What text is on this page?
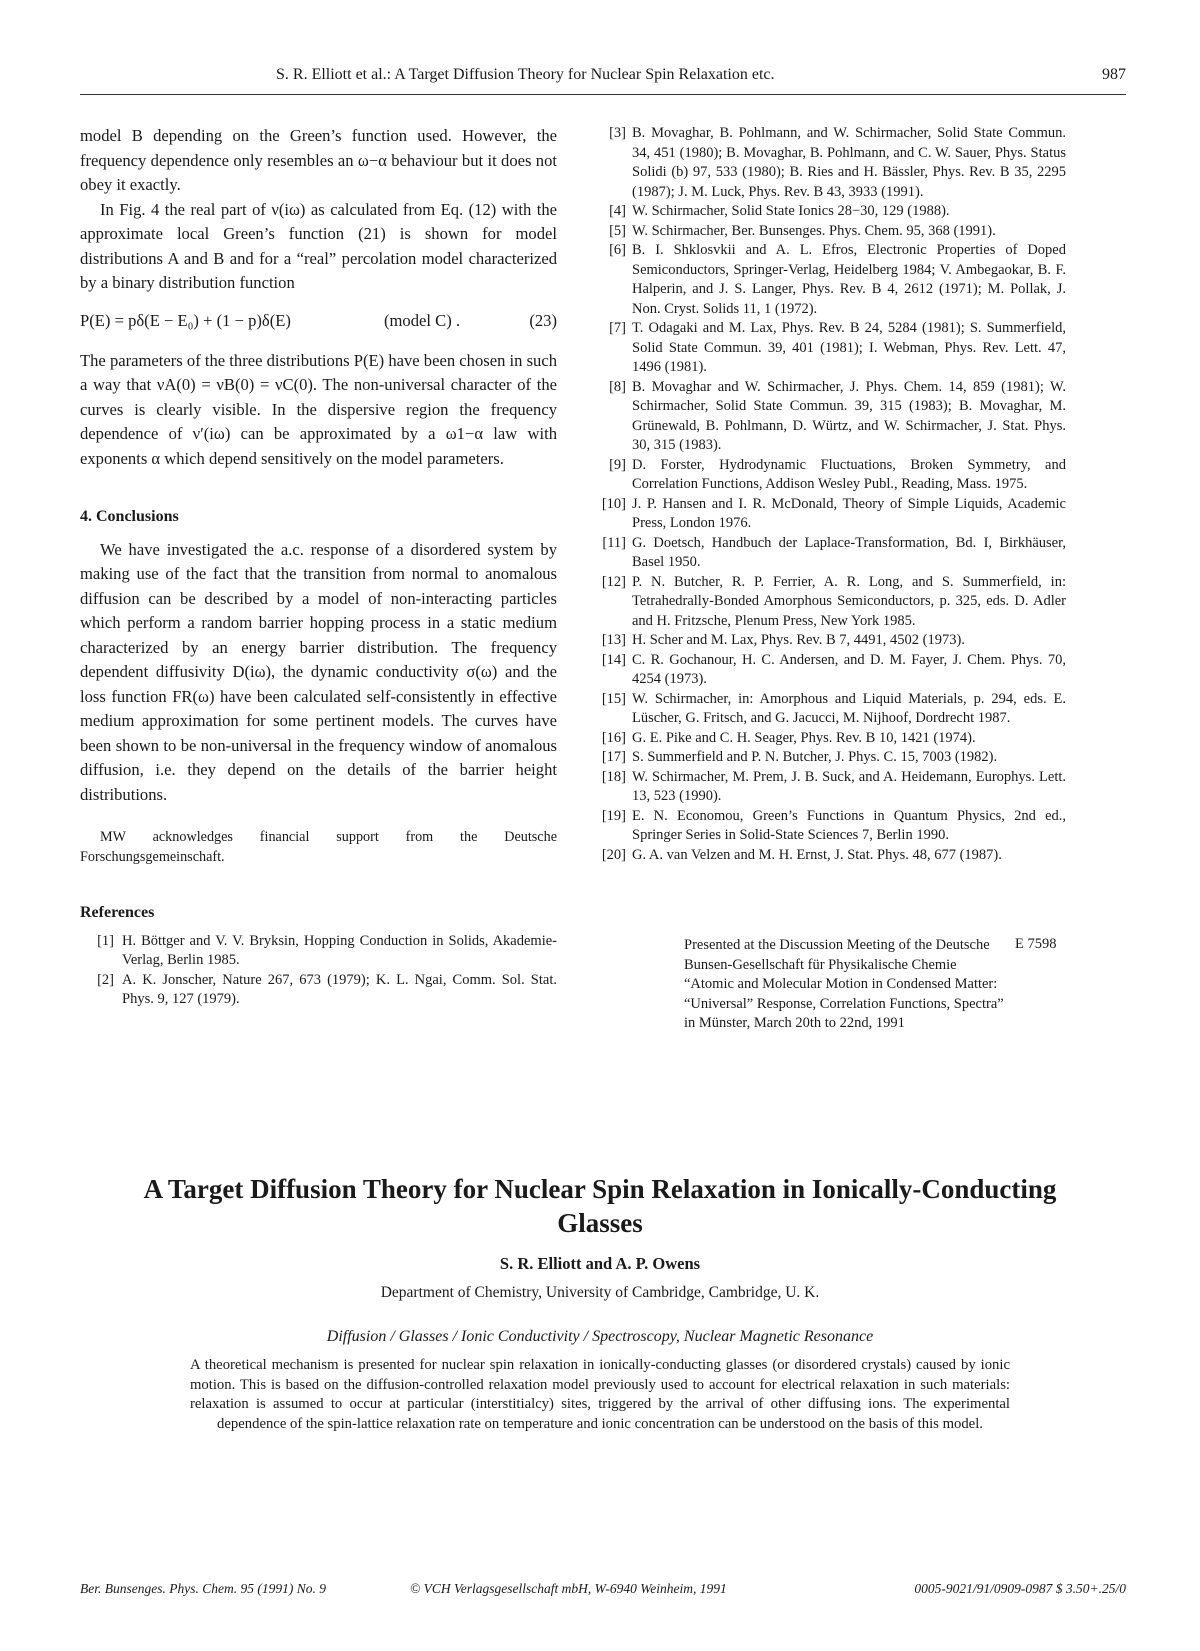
S. R. Elliott et al.: A Target Diffusion Theory for Nuclear Spin Relaxation etc.	987

model B depending on the Green’s function used. However, the frequency dependence only resembles an ω−α behaviour but it does not obey it exactly.

In Fig. 4 the real part of ν(iω) as calculated from Eq. (12) with the approximate local Green’s function (21) is shown for model distributions A and B and for a “real” percolation model characterized by a binary distribution function

P(E) = pδ(E − E₀) + (1 − p)δ(E)	(model C) .	(23)

The parameters of the three distributions P(E) have been chosen in such a way that νA(0) = νB(0) = νC(0). The non-universal character of the curves is clearly visible. In the dispersive region the frequency dependence of ν′(iω) can be approximated by a ω1−α law with exponents α which depend sensitively on the model parameters.

4. Conclusions

We have investigated the a.c. response of a disordered system by making use of the fact that the transition from normal to anomalous diffusion can be described by a model of non-interacting particles which perform a random barrier hopping process in a static medium characterized by an energy barrier distribution. The frequency dependent diffusivity D(iω), the dynamic conductivity σ(ω) and the loss function FR(ω) have been calculated self-consistently in effective medium approximation for some pertinent models. The curves have been shown to be non-universal in the frequency window of anomalous diffusion, i.e. they depend on the details of the barrier height distributions.

MW acknowledges financial support from the Deutsche Forschungsgemeinschaft.

References
[1] H. Böttger and V. V. Bryksin, Hopping Conduction in Solids, Akademie-Verlag, Berlin 1985.
[2] A. K. Jonscher, Nature 267, 673 (1979); K. L. Ngai, Comm. Sol. Stat. Phys. 9, 127 (1979).
[3] B. Movaghar, B. Pohlmann, and W. Schirmacher, Solid State Commun. 34, 451 (1980); B. Movaghar, B. Pohlmann, and C. W. Sauer, Phys. Status Solidi (b) 97, 533 (1980); B. Ries and H. Bässler, Phys. Rev. B 35, 2295 (1987); J. M. Luck, Phys. Rev. B 43, 3933 (1991).
[4] W. Schirmacher, Solid State Ionics 28−30, 129 (1988).
[5] W. Schirmacher, Ber. Bunsenges. Phys. Chem. 95, 368 (1991).
[6] B. I. Shklosvkii and A. L. Efros, Electronic Properties of Doped Semiconductors, Springer-Verlag, Heidelberg 1984; V. Ambegaokar, B. F. Halperin, and J. S. Langer, Phys. Rev. B 4, 2612 (1971); M. Pollak, J. Non. Cryst. Solids 11, 1 (1972).
[7] T. Odagaki and M. Lax, Phys. Rev. B 24, 5284 (1981); S. Summerfield, Solid State Commun. 39, 401 (1981); I. Webman, Phys. Rev. Lett. 47, 1496 (1981).
[8] B. Movaghar and W. Schirmacher, J. Phys. Chem. 14, 859 (1981); W. Schirmacher, Solid State Commun. 39, 315 (1983); B. Movaghar, M. Grünewald, B. Pohlmann, D. Würtz, and W. Schirmacher, J. Stat. Phys. 30, 315 (1983).
[9] D. Forster, Hydrodynamic Fluctuations, Broken Symmetry, and Correlation Functions, Addison Wesley Publ., Reading, Mass. 1975.
[10] J. P. Hansen and I. R. McDonald, Theory of Simple Liquids, Academic Press, London 1976.
[11] G. Doetsch, Handbuch der Laplace-Transformation, Bd. I, Birkhäuser, Basel 1950.
[12] P. N. Butcher, R. P. Ferrier, A. R. Long, and S. Summerfield, in: Tetrahedrally-Bonded Amorphous Semiconductors, p. 325, eds. D. Adler and H. Fritzsche, Plenum Press, New York 1985.
[13] H. Scher and M. Lax, Phys. Rev. B 7, 4491, 4502 (1973).
[14] C. R. Gochanour, H. C. Andersen, and D. M. Fayer, J. Chem. Phys. 70, 4254 (1973).
[15] W. Schirmacher, in: Amorphous and Liquid Materials, p. 294, eds. E. Lüscher, G. Fritsch, and G. Jacucci, M. Nijhoof, Dordrecht 1987.
[16] G. E. Pike and C. H. Seager, Phys. Rev. B 10, 1421 (1974).
[17] S. Summerfield and P. N. Butcher, J. Phys. C. 15, 7003 (1982).
[18] W. Schirmacher, M. Prem, J. B. Suck, and A. Heidemann, Europhys. Lett. 13, 523 (1990).
[19] E. N. Economou, Green’s Functions in Quantum Physics, 2nd ed., Springer Series in Solid-State Sciences 7, Berlin 1990.
[20] G. A. van Velzen and M. H. Ernst, J. Stat. Phys. 48, 677 (1987).
Presented at the Discussion Meeting of the Deutsche Bunsen-Gesellschaft für Physikalische Chemie “Atomic and Molecular Motion in Condensed Matter: “Universal” Response, Correlation Functions, Spectra” in Münster, March 20th to 22nd, 1991
E 7598
A Target Diffusion Theory for Nuclear Spin Relaxation in Ionically-Conducting Glasses
S. R. Elliott and A. P. Owens
Department of Chemistry, University of Cambridge, Cambridge, U. K.
Diffusion / Glasses / Ionic Conductivity / Spectroscopy, Nuclear Magnetic Resonance
A theoretical mechanism is presented for nuclear spin relaxation in ionically-conducting glasses (or disordered crystals) caused by ionic motion. This is based on the diffusion-controlled relaxation model previously used to account for electrical relaxation in such materials: relaxation is assumed to occur at particular (interstitialcy) sites, triggered by the arrival of other diffusing ions. The experimental dependence of the spin-lattice relaxation rate on temperature and ionic concentration can be understood on the basis of this model.
Ber. Bunsenges. Phys. Chem. 95 (1991) No. 9	© VCH Verlagsgesellschaft mbH, W-6940 Weinheim, 1991	0005-9021/91/0909-0987 $ 3.50+.25/0
